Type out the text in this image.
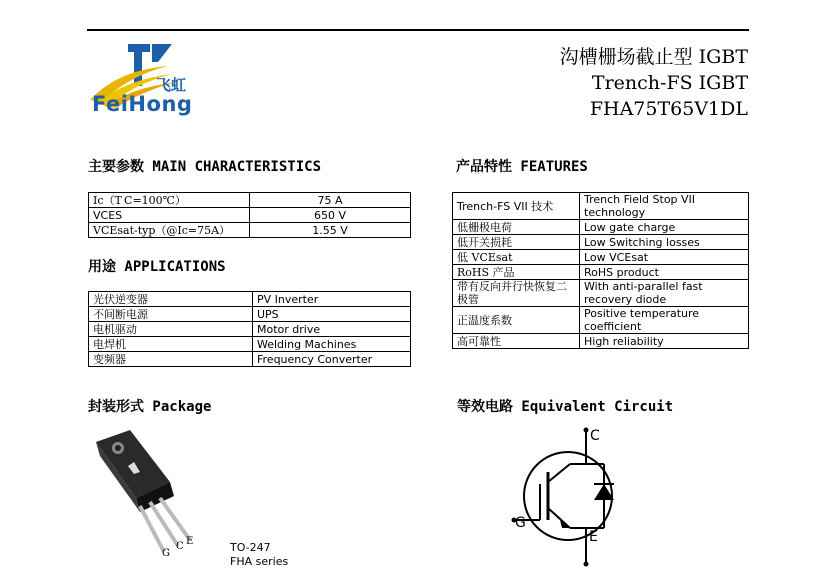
飞虹
FeiHong
沟槽栅场截止型 IGBT
Trench-FS IGBT
FHA75T65V1DL
主要参数 MAIN CHARACTERISTICS
Ic（T C=100℃）	75 A
VCES	650 V
VCEsat-typ（@Ic=75A）	1.55 V
用途 APPLICATIONS
光伏逆变器	PV Inverter
不间断电源	UPS
电机驱动	Motor drive
电焊机	Welding Machines
变频器	Frequency Converter
产品特性 FEATURES
Trench-FS VII 技术	Trench Field Stop VII
technology

低栅极电荷	Low gate charge
低开关损耗	Low Switching losses
低 VCEsat	Low VCEsat
RoHS 产品	RoHS product
带有反向并行快恢复二极管	With anti-parallel fast
recovery diode

正温度系数	Positive temperature
coefficient

高可靠性	High reliability
封装形式 Package
G
C E	TO-247
FHA series
等效电路 Equivalent Circuit
C
G
E
